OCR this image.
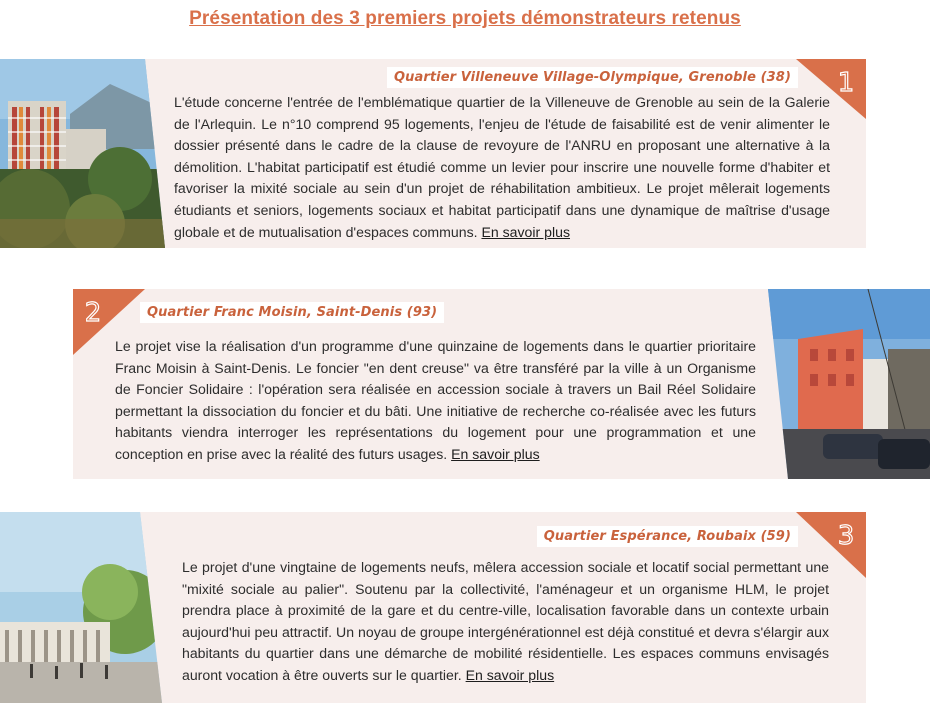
Présentation des 3 premiers projets démonstrateurs retenus
Quartier Villeneuve Village-Olympique, Grenoble (38) 1
L'étude concerne l'entrée de l'emblématique quartier de la Villeneuve de Grenoble au sein de la Galerie de l'Arlequin. Le n°10 comprend 95 logements, l'enjeu de l'étude de faisabilité est de venir alimenter le dossier présenté dans le cadre de la clause de revoyure de l'ANRU en proposant une alternative à la démolition. L'habitat participatif est étudié comme un levier pour inscrire une nouvelle forme d'habiter et favoriser la mixité sociale au sein d'un projet de réhabilitation ambitieux. Le projet mêlerait logements étudiants et seniors, logements sociaux et habitat participatif dans une dynamique de maîtrise d'usage globale et de mutualisation d'espaces communs. En savoir plus
2	Quartier Franc Moisin, Saint-Denis (93)
Le projet vise la réalisation d'un programme d'une quinzaine de logements dans le quartier prioritaire Franc Moisin à Saint-Denis. Le foncier "en dent creuse" va être transféré par la ville à un Organisme de Foncier Solidaire : l'opération sera réalisée en accession sociale à travers un Bail Réel Solidaire permettant la dissociation du foncier et du bâti. Une initiative de recherche co-réalisée avec les futurs habitants viendra interroger les représentations du logement pour une programmation et une conception en prise avec la réalité des futurs usages. En savoir plus
Quartier Espérance, Roubaix (59) 3
Le projet d'une vingtaine de logements neufs, mêlera accession sociale et locatif social permettant une "mixité sociale au palier". Soutenu par la collectivité, l'aménageur et un organisme HLM, le projet prendra place à proximité de la gare et du centre-ville, localisation favorable dans un contexte urbain aujourd'hui peu attractif. Un noyau de groupe intergénérationnel est déjà constitué et devra s'élargir aux habitants du quartier dans une démarche de mobilité résidentielle. Les espaces communs envisagés auront vocation à être ouverts sur le quartier. En savoir plus
